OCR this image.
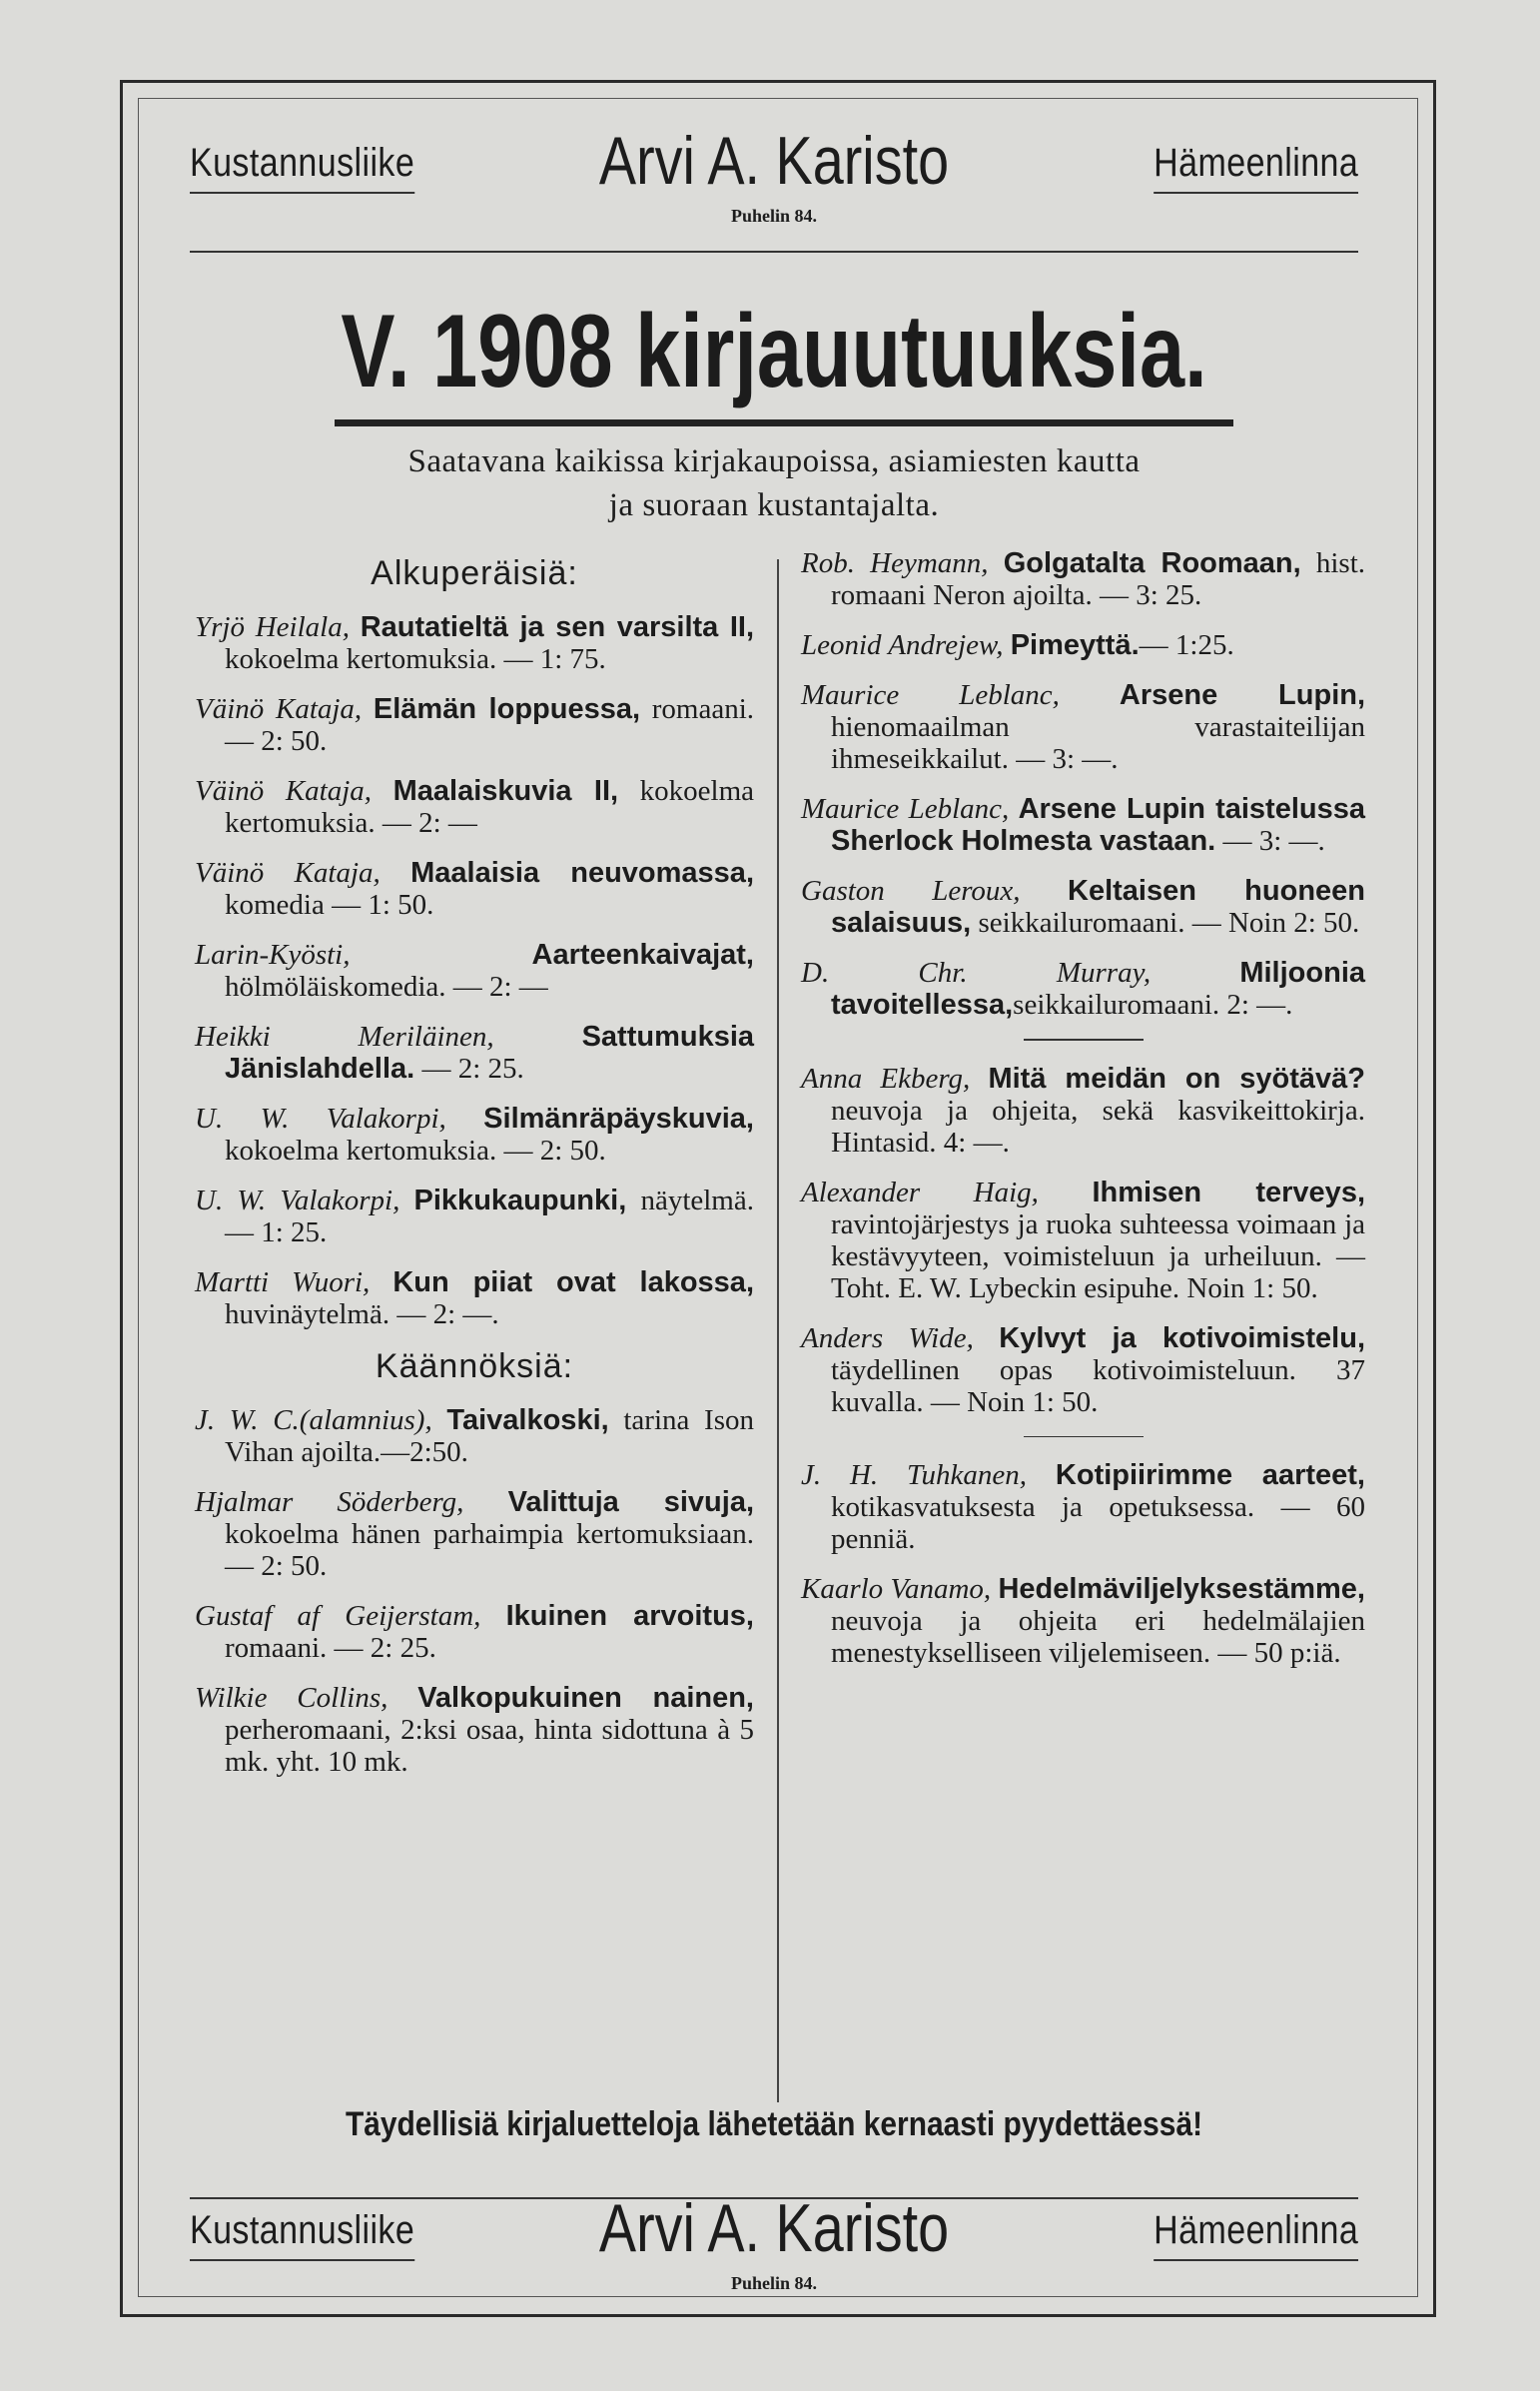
Kustannusliike	Arvi A. Karisto	Hämeenlinna
Puhelin 84.
V. 1908 kirjauutuuksia.
Saatavana kaikissa kirjakaupoissa, asiamiesten kautta
ja suoraan kustantajalta.
Alkuperäisiä:
Yrjö Heilala, Rautatieltä ja sen varsilta II, kokoelma kertomuksia. — 1: 75.
Väinö Kataja, Elämän loppuessa, romaani. — 2: 50.
Väinö Kataja, Maalaiskuvia II, kokoelma kertomuksia. — 2: —
Väinö Kataja, Maalaisia neuvomassa, komedia — 1: 50.
Larin-Kyösti,	Aarteenkaivajat, hölmöläiskomedia. — 2: —
Heikki Meriläinen,	Sattumuksia Jänislahdella. — 2: 25.
U. W. Valakorpi, Silmänräpäyskuvia, kokoelma kertomuksia. — 2: 50.
U. W. Valakorpi, Pikkukaupunki, näytelmä. — 1: 25.
Martti Wuori, Kun piiat ovat lakossa, huvinäytelmä. — 2: —.
Käännöksiä:
J. W. C.(alamnius), Taivalkoski, tarina Ison Vihan ajoilta.—2:50.
Hjalmar Söderberg, Valittuja sivuja, kokoelma hänen parhaimpia kertomuksiaan. — 2: 50.
Gustaf af Geijerstam, Ikuinen arvoitus, romaani. — 2: 25.
Wilkie Collins, Valkopukuinen nainen, perheromaani, 2:ksi osaa, hinta sidottuna à 5 mk. yht. 10 mk.
Rob. Heymann, Golgatalta Roomaan, hist. romaani Neron ajoilta. — 3: 25.
Leonid Andrejew, Pimeyttä.— 1:25.
Maurice Leblanc, Arsene Lupin, hienomaailman varastaiteilijan ihmeseikkailut. — 3: —.
Maurice Leblanc, Arsene Lupin taistelussa Sherlock Holmesta vastaan. — 3: —.
Gaston Leroux, Keltaisen huoneen salaisuus, seikkailuromaani. — Noin 2: 50.
D. Chr. Murray,	Miljoonia tavoitellessa,seikkailuromaani. 2: —.
Anna Ekberg, Mitä meidän on syötävä? neuvoja ja ohjeita, sekä kasvikeittokirja. Hintasid. 4: —.
Alexander Haig, Ihmisen terveys, ravintojärjestys ja ruoka suhteessa voimaan ja kestävyyteen, voimisteluun ja urheiluun. — Toht. E. W. Lybeckin esipuhe. Noin 1: 50.
Anders Wide, Kylvyt ja kotivoimistelu, täydellinen opas kotivoimisteluun. 37 kuvalla. — Noin 1: 50.
J. H. Tuhkanen, Kotipiirimme aarteet, kotikasvatuksesta ja opetuksessa. — 60 penniä.
Kaarlo Vanamo, Hedelmäviljelyksestämme, neuvoja ja ohjeita eri hedelmälajien menestykselliseen viljelemiseen. — 50 p:iä.
Täydellisiä kirjaluetteloja lähetetään kernaasti pyydettäessä!
Kustannusliike	Arvi A. Karisto	Hämeenlinna
Puhelin 84.
